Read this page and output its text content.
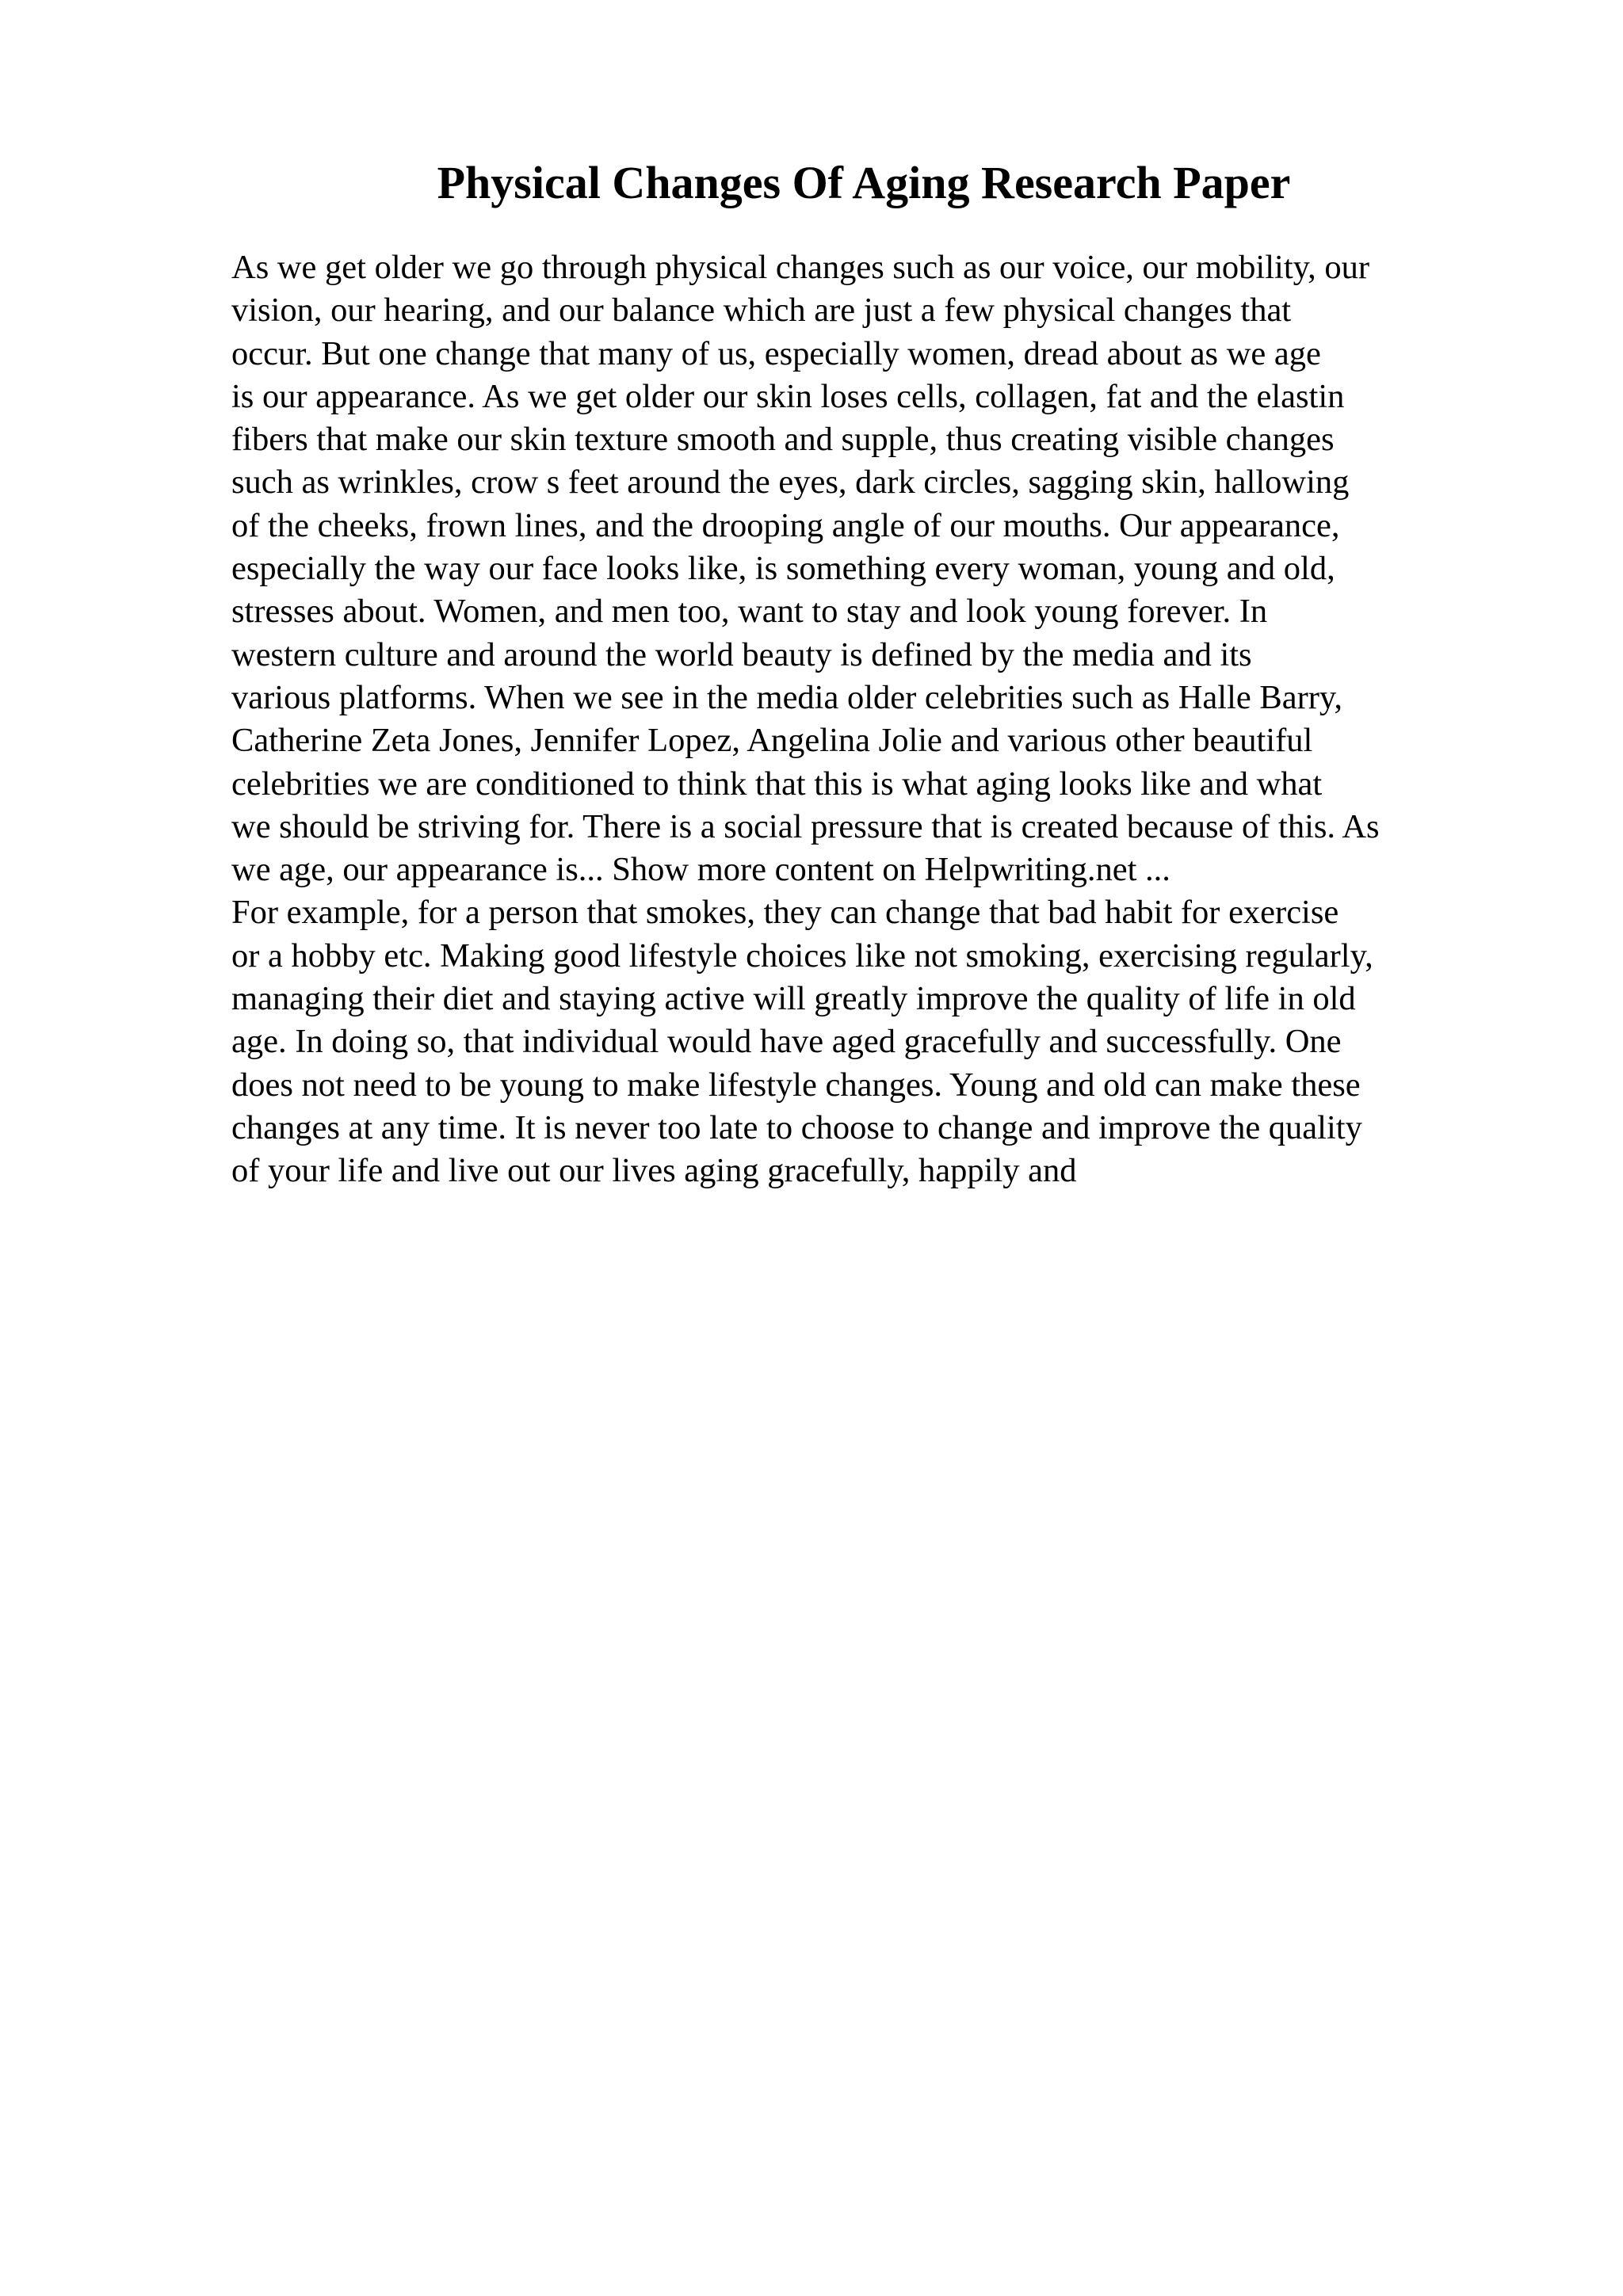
Physical Changes Of Aging Research Paper
As we get older we go through physical changes such as our voice, our mobility, our
vision, our hearing, and our balance which are just a few physical changes that
occur. But one change that many of us, especially women, dread about as we age
is our appearance. As we get older our skin loses cells, collagen, fat and the elastin
fibers that make our skin texture smooth and supple, thus creating visible changes
such as wrinkles, crow s feet around the eyes, dark circles, sagging skin, hallowing
of the cheeks, frown lines, and the drooping angle of our mouths. Our appearance,
especially the way our face looks like, is something every woman, young and old,
stresses about. Women, and men too, want to stay and look young forever. In
western culture and around the world beauty is defined by the media and its
various platforms. When we see in the media older celebrities such as Halle Barry,
Catherine Zeta Jones, Jennifer Lopez, Angelina Jolie and various other beautiful
celebrities we are conditioned to think that this is what aging looks like and what
we should be striving for. There is a social pressure that is created because of this. As
we age, our appearance is... Show more content on Helpwriting.net ...
For example, for a person that smokes, they can change that bad habit for exercise
or a hobby etc. Making good lifestyle choices like not smoking, exercising regularly,
managing their diet and staying active will greatly improve the quality of life in old
age. In doing so, that individual would have aged gracefully and successfully. One
does not need to be young to make lifestyle changes. Young and old can make these
changes at any time. It is never too late to choose to change and improve the quality
of your life and live out our lives aging gracefully, happily and
